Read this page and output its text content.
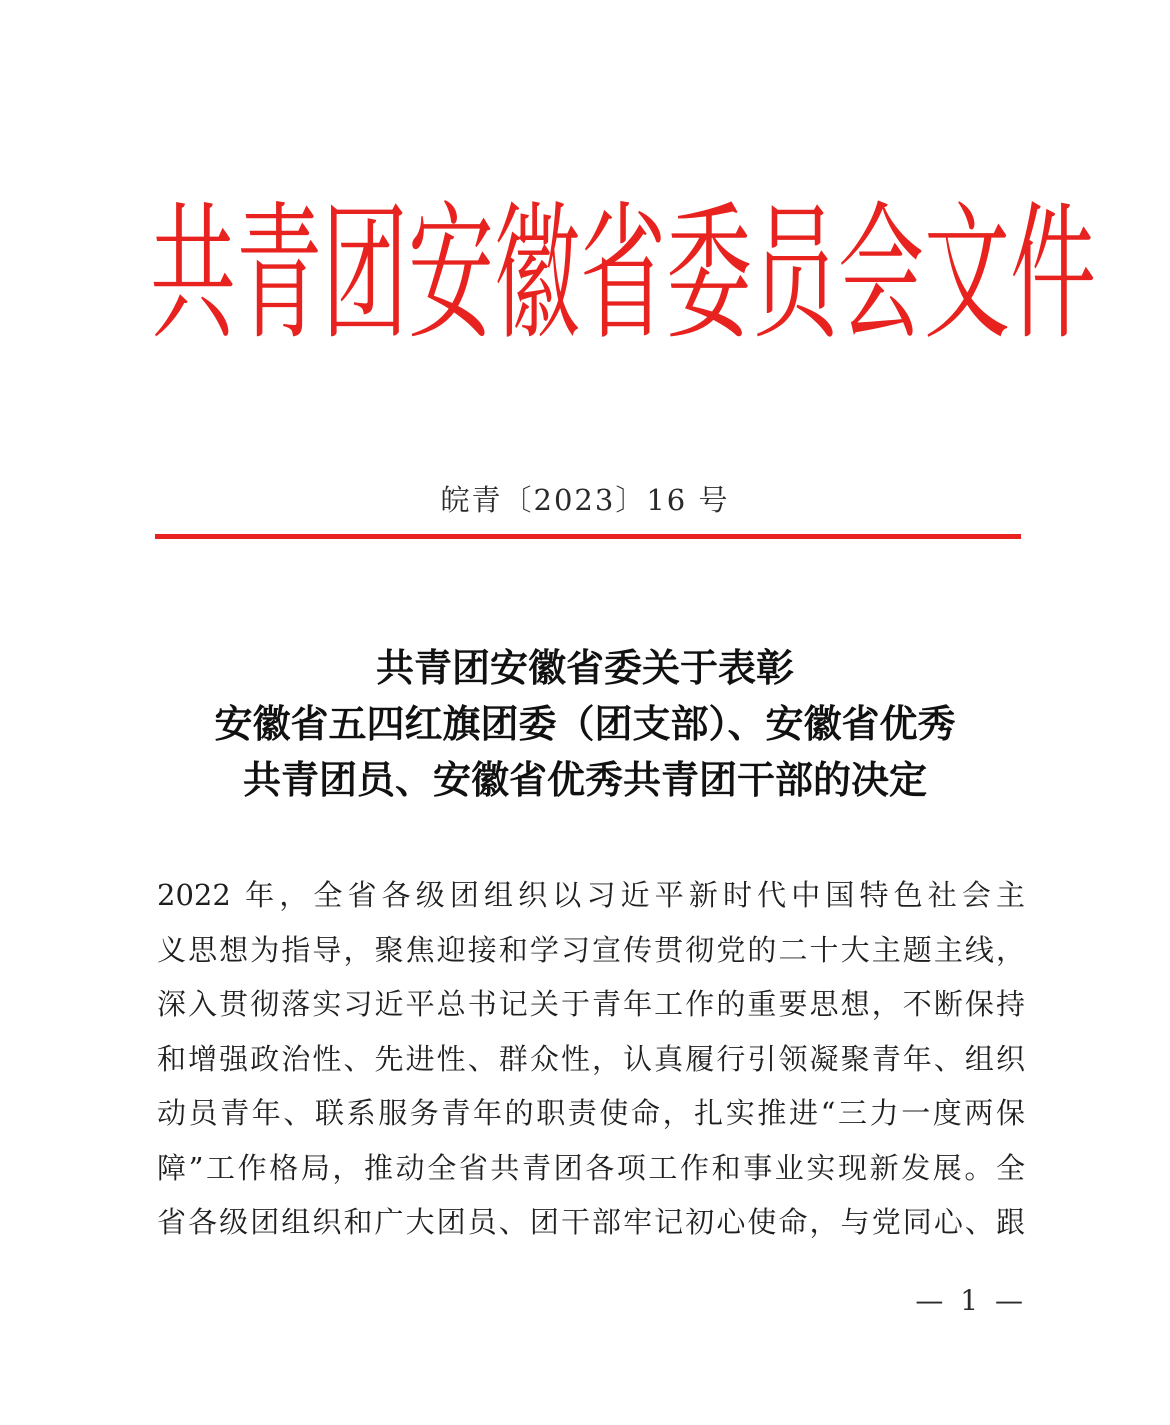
共 青 团 安 徽 省 委 员 会 文 件
皖青〔2023〕16 号
共青团安徽省委关于表彰
安徽省五四红旗团委（团支部）、安徽省优秀
共青团员、安徽省优秀共青团干部的决定
2022 年，全省各级团组织以习近平新时代中国特色社会主
义思想为指导，聚焦迎接和学习宣传贯彻党的二十大主题主线，
深入贯彻落实习近平总书记关于青年工作的重要思想，不断保持
和增强政治性、先进性、群众性，认真履行引领凝聚青年、组织
动员青年、联系服务青年的职责使命，扎实推进“三力一度两保
障”工作格局，推动全省共青团各项工作和事业实现新发展。全
省各级团组织和广大团员、团干部牢记初心使命，与党同心、跟
— 1 —
